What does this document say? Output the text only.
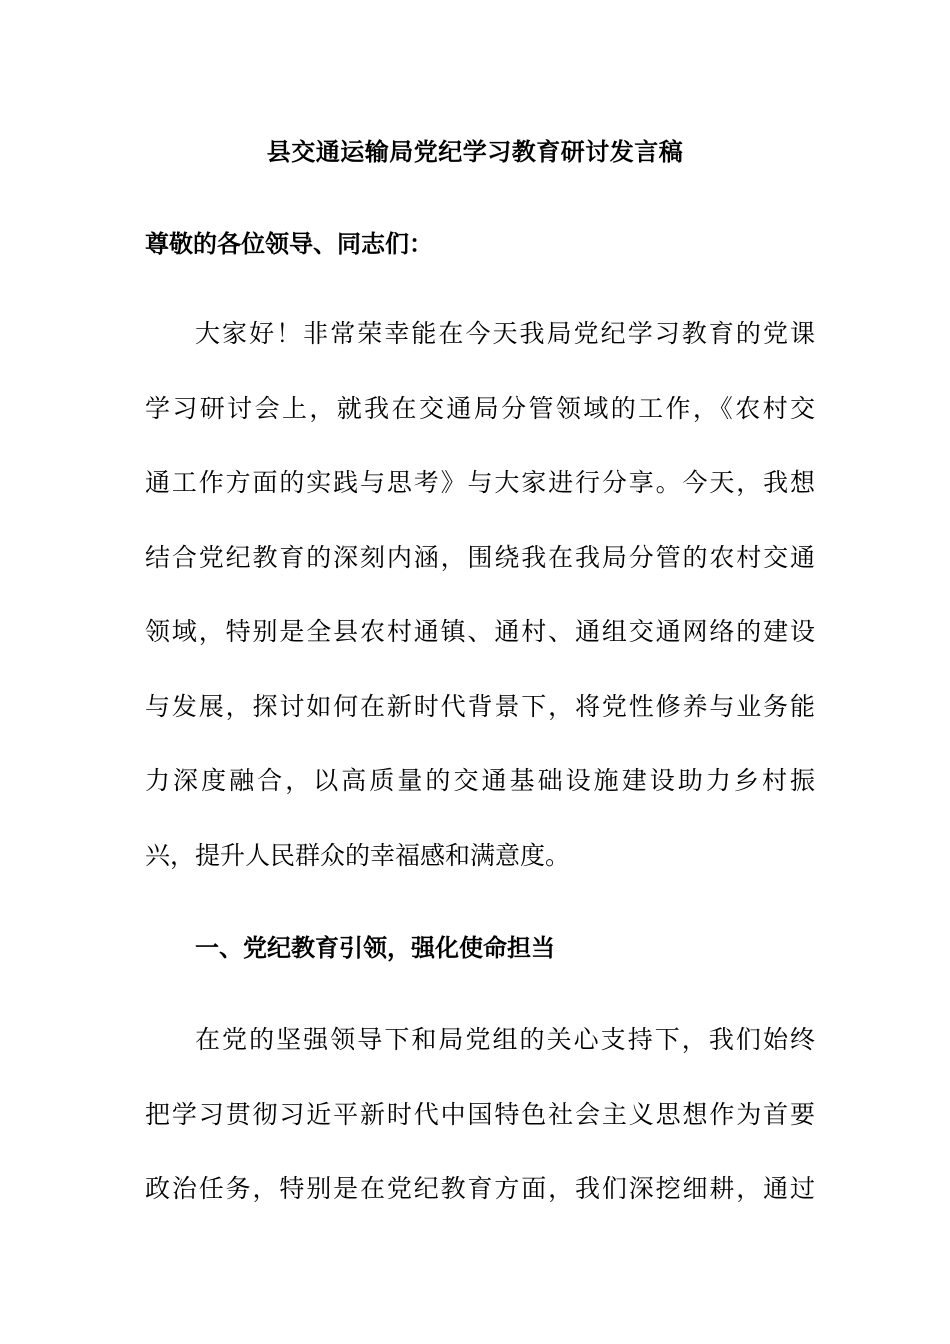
县交通运输局党纪学习教育研讨发言稿
尊敬的各位领导、同志们：
大家好！非常荣幸能在今天我局党纪学习教育的党课
学习研讨会上，就我在交通局分管领域的工作，《农村交
通工作方面的实践与思考》与大家进行分享。今天，我想
结合党纪教育的深刻内涵，围绕我在我局分管的农村交通
领域，特别是全县农村通镇、通村、通组交通网络的建设
与发展，探讨如何在新时代背景下，将党性修养与业务能
力深度融合，以高质量的交通基础设施建设助力乡村振
兴，提升人民群众的幸福感和满意度。
一、党纪教育引领，强化使命担当
在党的坚强领导下和局党组的关心支持下，我们始终
把学习贯彻习近平新时代中国特色社会主义思想作为首要
政治任务，特别是在党纪教育方面，我们深挖细耕，通过
